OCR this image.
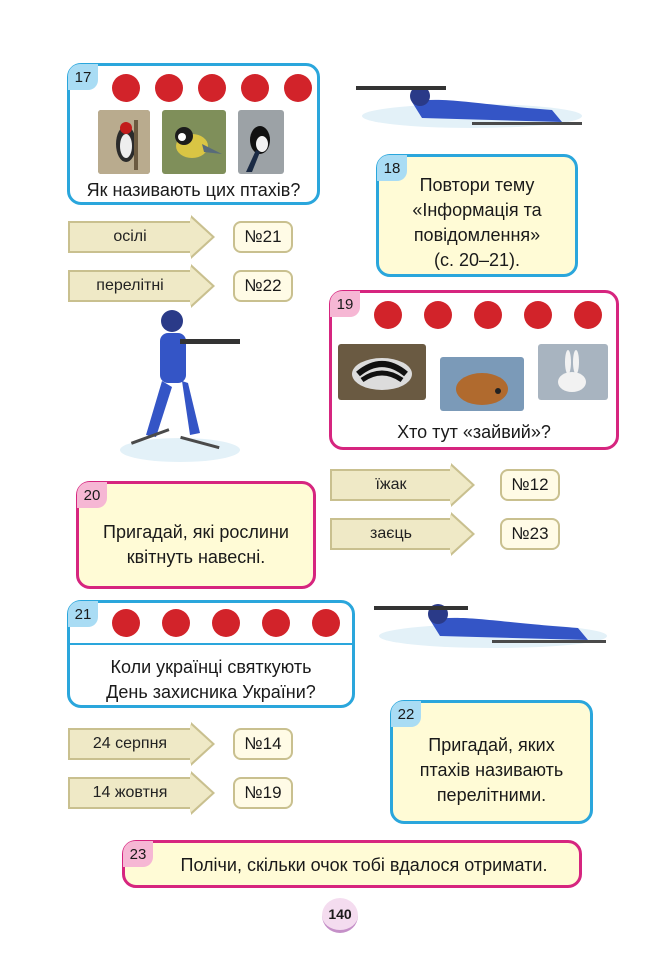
17
Як називають цих птахів?
18
Повтори тему
«Інформація та
повідомлення»
(с. 20–21).
осілі	№21
перелітні	№22
19
Хто тут «зайвий»?
їжак	№12
заєць	№23
20
Пригадай, які рослини
квітнуть навесні.
21
Коли українці святкують
День захисника України?
24 серпня	№14
14 жовтня	№19
22
Пригадай, яких
птахів називають
перелітними.
23
Полічи, скільки очок тобі вдалося отримати.
140
